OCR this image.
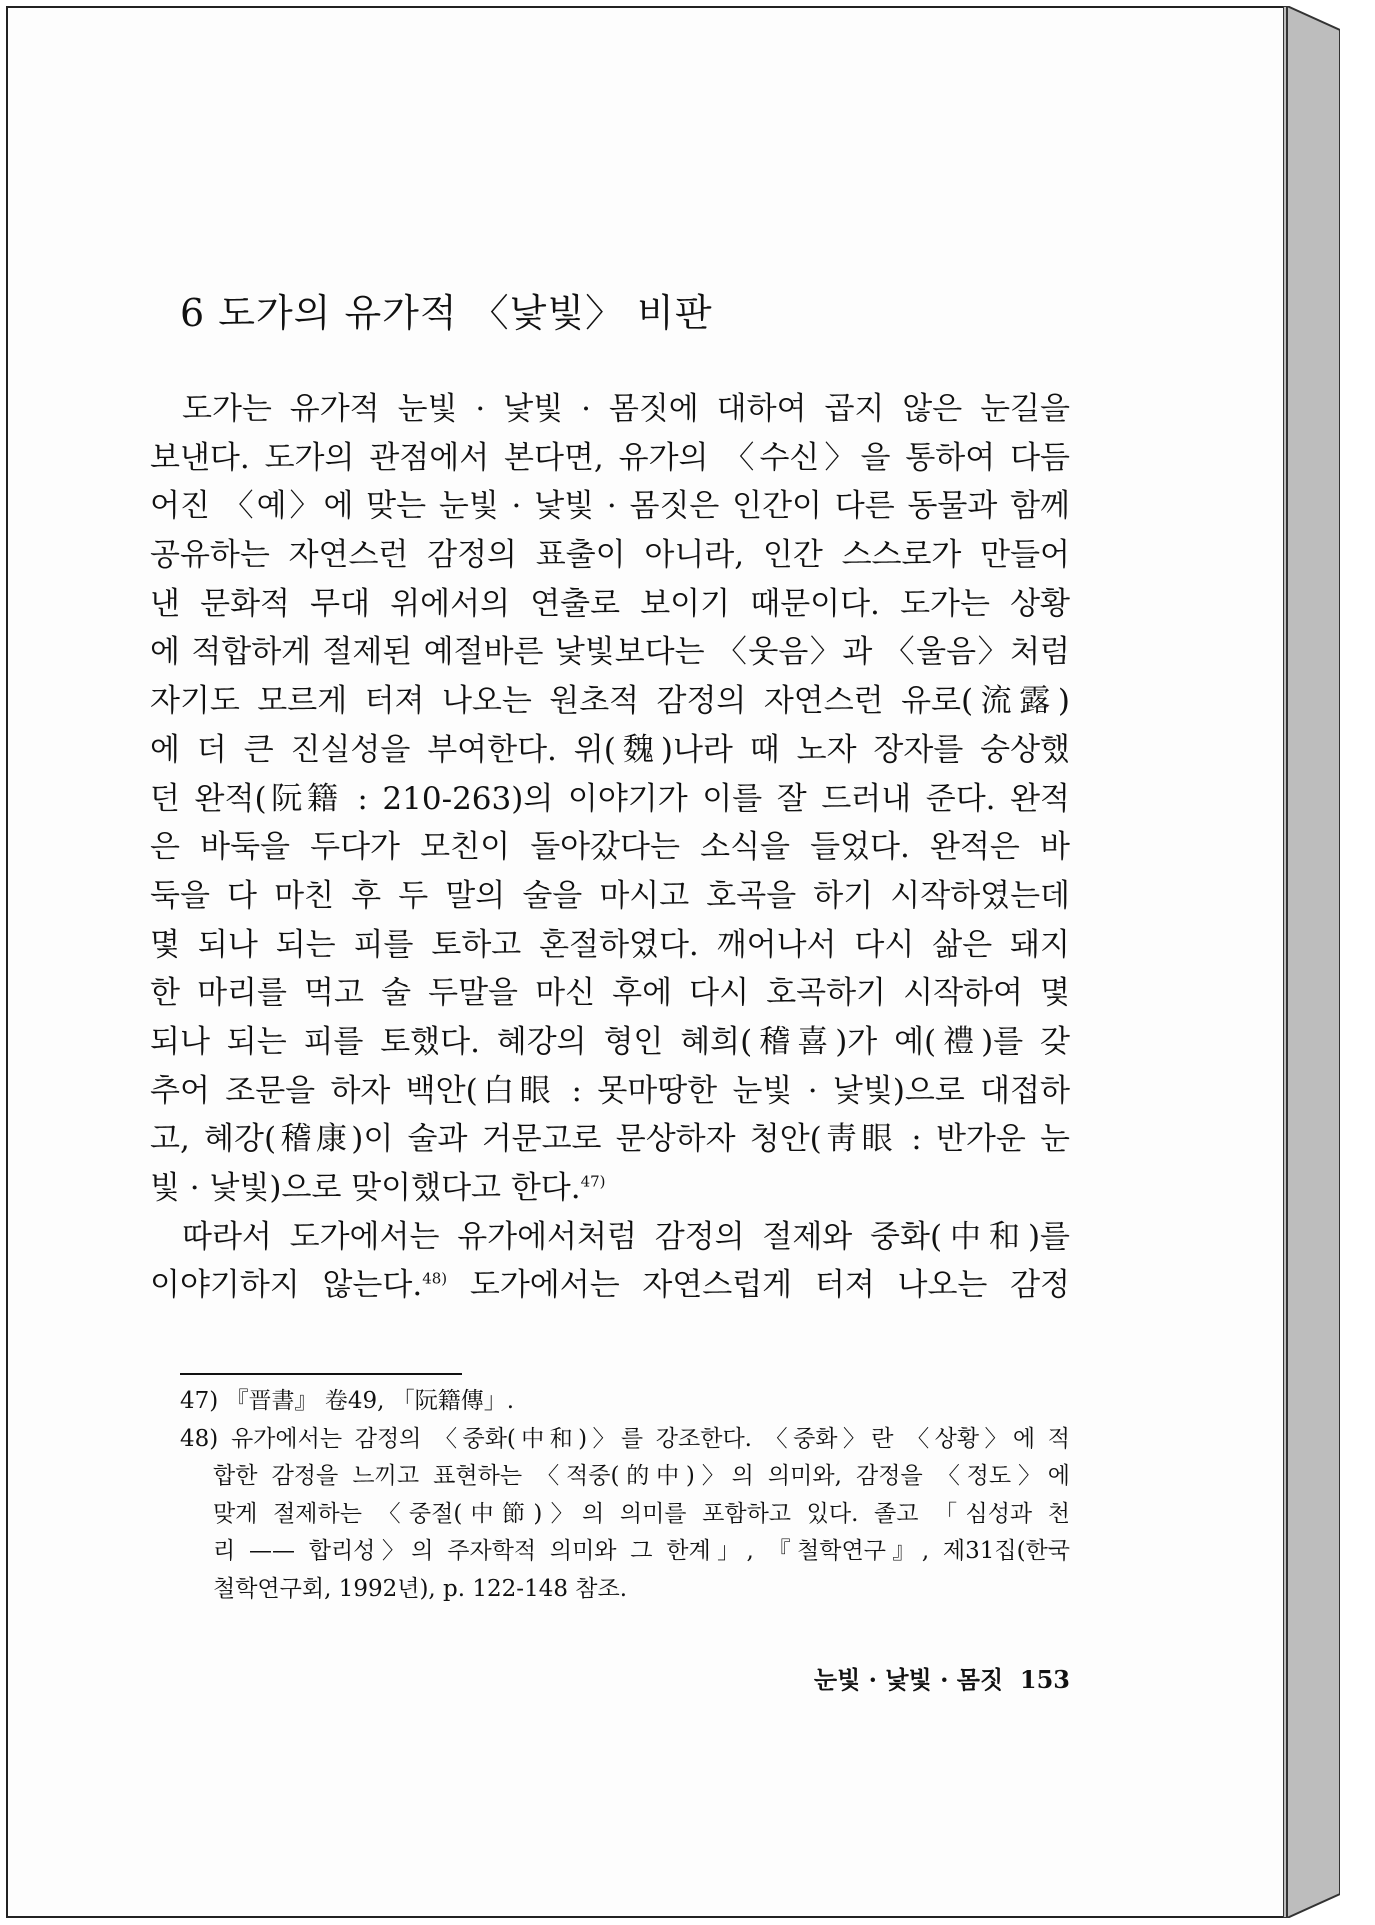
6 도가의 유가적 〈낯빛〉 비판
도가는 유가적 눈빛 · 낯빛 · 몸짓에 대하여 곱지 않은 눈길을
보낸다. 도가의 관점에서 본다면, 유가의 〈수신〉을 통하여 다듬
어진 〈예〉에 맞는 눈빛 · 낯빛 · 몸짓은 인간이 다른 동물과 함께
공유하는 자연스런 감정의 표출이 아니라, 인간 스스로가 만들어
낸 문화적 무대 위에서의 연출로 보이기 때문이다. 도가는 상황
에 적합하게 절제된 예절바른 낯빛보다는 〈웃음〉과 〈울음〉처럼
자기도 모르게 터져 나오는 원초적 감정의 자연스런 유로(流露)
에 더 큰 진실성을 부여한다. 위(魏)나라 때 노자 장자를 숭상했
던 완적(阮籍 : 210-263)의 이야기가 이를 잘 드러내 준다. 완적
은 바둑을 두다가 모친이 돌아갔다는 소식을 들었다. 완적은 바
둑을 다 마친 후 두 말의 술을 마시고 호곡을 하기 시작하였는데
몇 되나 되는 피를 토하고 혼절하였다. 깨어나서 다시 삶은 돼지
한 마리를 먹고 술 두말을 마신 후에 다시 호곡하기 시작하여 몇
되나 되는 피를 토했다. 혜강의 형인 혜희(稽喜)가 예(禮)를 갖
추어 조문을 하자 백안(白眼 : 못마땅한 눈빛 · 낯빛)으로 대접하
고, 혜강(稽康)이 술과 거문고로 문상하자 청안(靑眼 : 반가운 눈
빛 · 낯빛)으로 맞이했다고 한다.$^{47)}$
따라서 도가에서는 유가에서처럼 감정의 절제와 중화(中和)를
이야기하지 않는다.$^{48)}$ 도가에서는 자연스럽게 터져 나오는 감정
47) 『晋書』 卷49, 「阮籍傳」.
48) 유가에서는 감정의 〈중화(中和)〉를 강조한다. 〈중화〉란 〈상황〉에 적
합한 감정을 느끼고 표현하는 〈적중(的中)〉의 의미와, 감정을 〈정도〉에
맞게 절제하는 〈중절(中節)〉의 의미를 포함하고 있다. 졸고 「심성과 천
리 —— 합리성〉의 주자학적 의미와 그 한계」, 『철학연구』, 제31집(한국
철학연구회, 1992년), p. 122-148 참조.
눈빛 · 낯빛 · 몸짓 153
